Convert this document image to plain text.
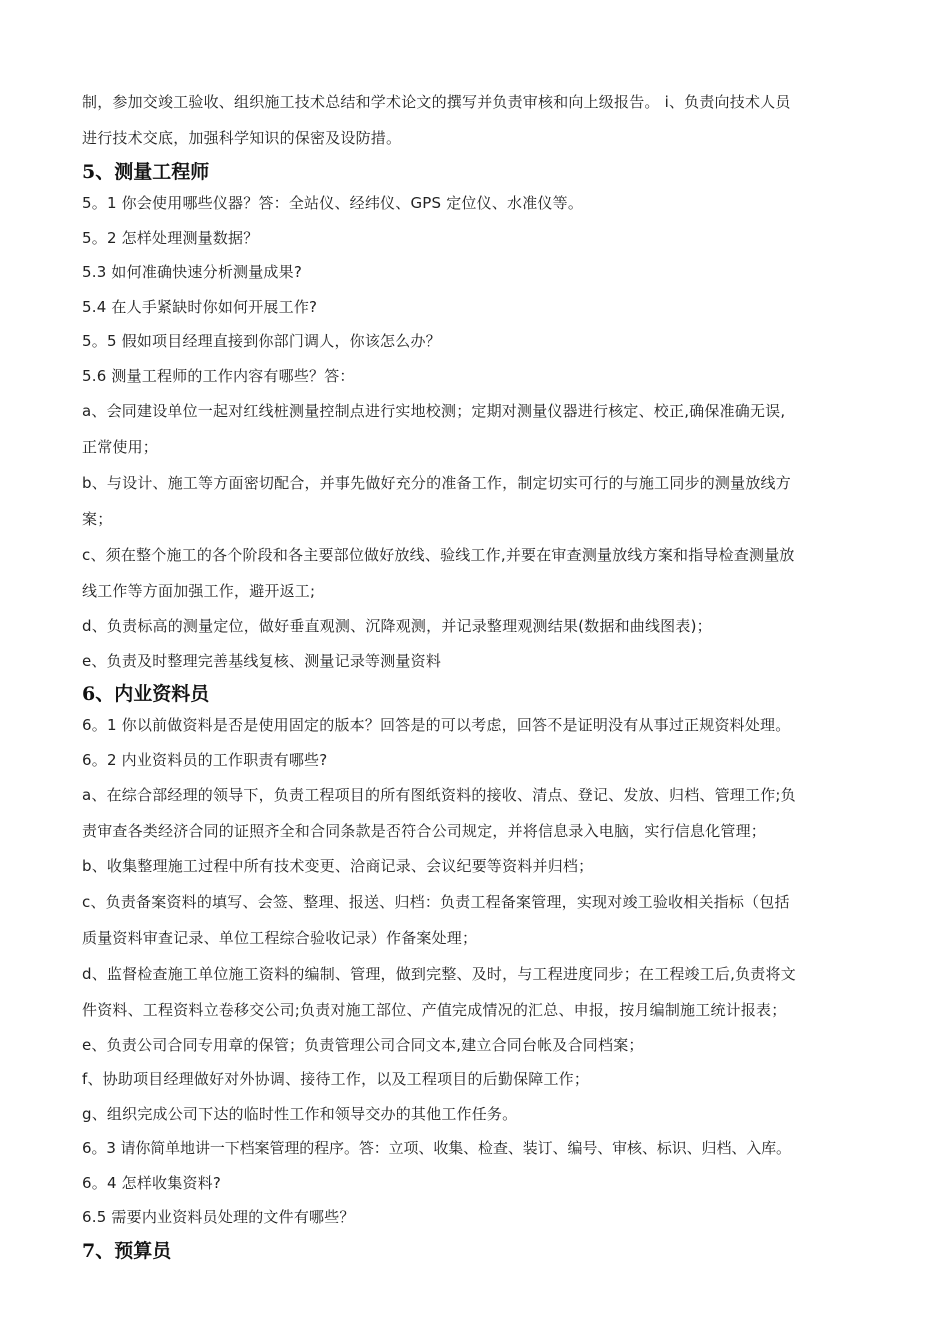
制，参加交竣工验收、组织施工技术总结和学术论文的撰写并负责审核和向上级报告。 i、负责向技术人员
进行技术交底，加强科学知识的保密及设防措。
5、测量工程师
5。1 你会使用哪些仪器？答：全站仪、经纬仪、GPS 定位仪、水准仪等。
5。2 怎样处理测量数据？
5.3 如何准确快速分析测量成果?
5.4 在人手紧缺时你如何开展工作?
5。5 假如项目经理直接到你部门调人，你该怎么办？
5.6 测量工程师的工作内容有哪些？答：
a、会同建设单位一起对红线桩测量控制点进行实地校测；定期对测量仪器进行核定、校正,确保准确无误,
正常使用；
b、与设计、施工等方面密切配合，并事先做好充分的准备工作，制定切实可行的与施工同步的测量放线方
案；
c、须在整个施工的各个阶段和各主要部位做好放线、验线工作,并要在审查测量放线方案和指导检查测量放
线工作等方面加强工作，避开返工;
d、负责标高的测量定位，做好垂直观测、沉降观测，并记录整理观测结果(数据和曲线图表)；
e、负责及时整理完善基线复核、测量记录等测量资料
6、内业资料员
6。1 你以前做资料是否是使用固定的版本？回答是的可以考虑，回答不是证明没有从事过正规资料处理。
6。2 内业资料员的工作职责有哪些?
a、在综合部经理的领导下，负责工程项目的所有图纸资料的接收、清点、登记、发放、归档、管理工作;负
责审查各类经济合同的证照齐全和合同条款是否符合公司规定，并将信息录入电脑，实行信息化管理；
b、收集整理施工过程中所有技术变更、洽商记录、会议纪要等资料并归档；
c、负责备案资料的填写、会签、整理、报送、归档：负责工程备案管理，实现对竣工验收相关指标（包括
质量资料审查记录、单位工程综合验收记录）作备案处理；
d、监督检查施工单位施工资料的编制、管理，做到完整、及时，与工程进度同步；在工程竣工后,负责将文
件资料、工程资料立卷移交公司;负责对施工部位、产值完成情况的汇总、申报，按月编制施工统计报表；
e、负责公司合同专用章的保管；负责管理公司合同文本,建立合同台帐及合同档案；
f、协助项目经理做好对外协调、接待工作，以及工程项目的后勤保障工作；
g、组织完成公司下达的临时性工作和领导交办的其他工作任务。
6。3 请你简单地讲一下档案管理的程序。答：立项、收集、检查、装订、编号、审核、标识、归档、入库。
6。4 怎样收集资料?
6.5 需要内业资料员处理的文件有哪些？
7、预算员
